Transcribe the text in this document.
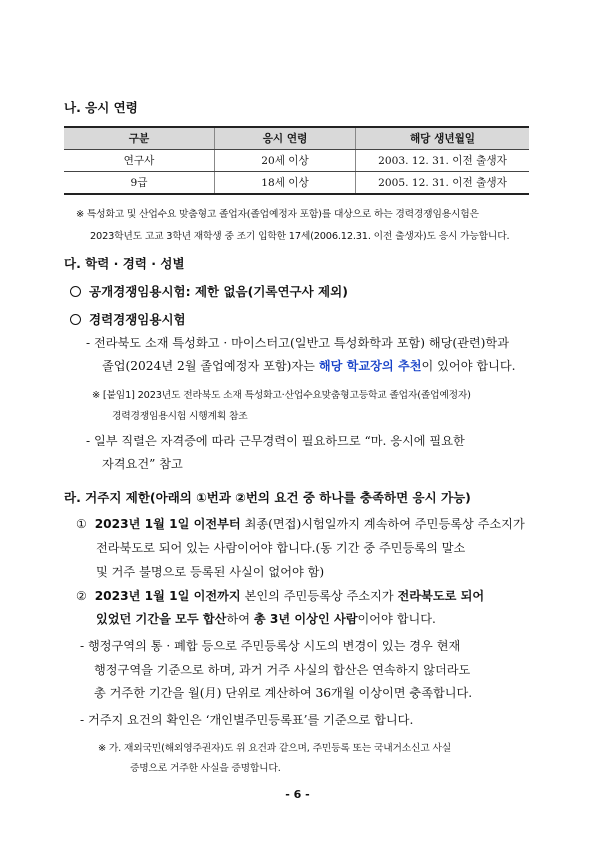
나. 응시 연령
구분	응시 연령	해당 생년월일
연구사	20세 이상	2003. 12. 31. 이전 출생자
9급	18세 이상	2005. 12. 31. 이전 출생자
※ 특성화고 및 산업수요 맞춤형고 졸업자(졸업예정자 포함)를 대상으로 하는 경력경쟁임용시험은
2023학년도 고교 3학년 재학생 중 조기 입학한 17세(2006.12.31. 이전 출생자)도 응시 가능합니다.
다. 학력 · 경력 · 성별
공개경쟁임용시험: 제한 없음(기록연구사 제외)
경력경쟁임용시험
- 전라북도 소재 특성화고 · 마이스터고(일반고 특성화학과 포함) 해당(관련)학과
졸업(2024년 2월 졸업예정자 포함)자는 해당 학교장의 추천이 있어야 합니다.
※ [붙임1] 2023년도 전라북도 소재 특성화고·산업수요맞춤형고등학교 졸업자(졸업예정자)
경력경쟁임용시험 시행계획 참조
- 일부 직렬은 자격증에 따라 근무경력이 필요하므로 “마. 응시에 필요한
자격요건” 참고
라. 거주지 제한(아래의 ①번과 ②번의 요건 중 하나를 충족하면 응시 가능)
① 2023년 1월 1일 이전부터 최종(면접)시험일까지 계속하여 주민등록상 주소지가
전라북도로 되어 있는 사람이어야 합니다.(동 기간 중 주민등록의 말소
및 거주 불명으로 등록된 사실이 없어야 함)
② 2023년 1월 1일 이전까지 본인의 주민등록상 주소지가 전라북도로 되어
있었던 기간을 모두 합산하여 총 3년 이상인 사람이어야 합니다.
- 행정구역의 통 · 폐합 등으로 주민등록상 시도의 변경이 있는 경우 현재
행정구역을 기준으로 하며, 과거 거주 사실의 합산은 연속하지 않더라도
총 거주한 기간을 월(月) 단위로 계산하여 36개월 이상이면 충족합니다.
- 거주지 요건의 확인은 ‘개인별주민등록표’를 기준으로 합니다.
※ 가. 재외국민(해외영주권자)도 위 요건과 같으며, 주민등록 또는 국내거소신고 사실
증명으로 거주한 사실을 증명합니다.
- 6 -
